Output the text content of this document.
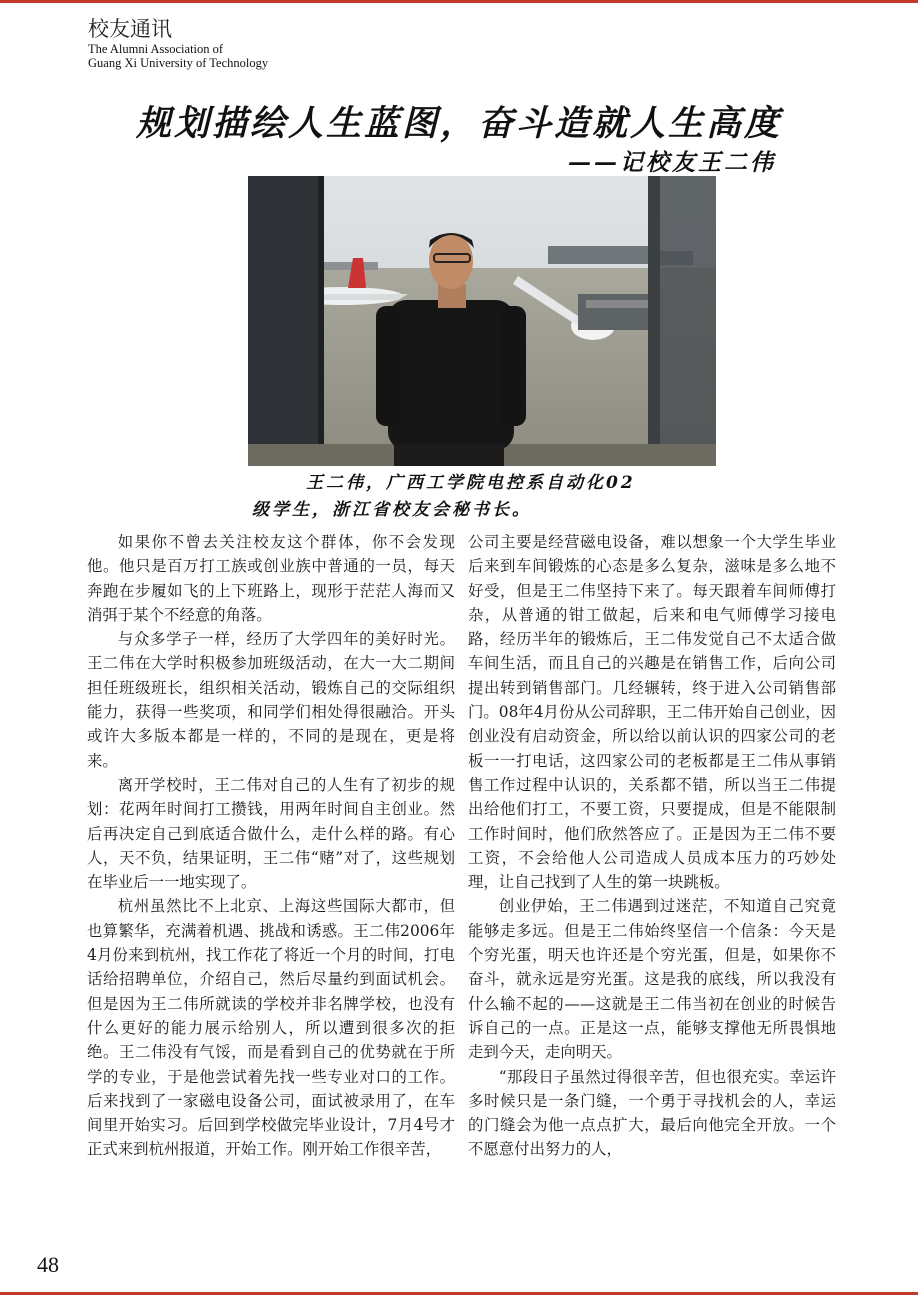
校友通讯
The Alumni Association of
Guang Xi University of Technology
规划描绘人生蓝图，奋斗造就人生高度
——记校友王二伟
王二伟，广西工学院电控系自动化02
级学生，浙江省校友会秘书长。

如果你不曾去关注校友这个群体，你不会发现他。他只是百万打工族或创业族中普通的一员，每天奔跑在步履如飞的上下班路上，现形于茫茫人海而又消弭于某个不经意的角落。

与众多学子一样，经历了大学四年的美好时光。王二伟在大学时积极参加班级活动，在大一大二期间担任班级班长，组织相关活动，锻炼自己的交际组织能力，获得一些奖项，和同学们相处得很融洽。开头或许大多版本都是一样的，不同的是现在，更是将来。

离开学校时，王二伟对自己的人生有了初步的规划：花两年时间打工攒钱，用两年时间自主创业。然后再决定自己到底适合做什么，走什么样的路。有心人，天不负，结果证明，王二伟“赌”对了，这些规划在毕业后一一地实现了。

杭州虽然比不上北京、上海这些国际大都市，但也算繁华，充满着机遇、挑战和诱惑。王二伟2006年4月份来到杭州，找工作花了将近一个月的时间，打电话给招聘单位，介绍自己，然后尽量约到面试机会。但是因为王二伟所就读的学校并非名牌学校，也没有什么更好的能力展示给别人，所以遭到很多次的拒绝。王二伟没有气馁，而是看到自己的优势就在于所学的专业，于是他尝试着先找一些专业对口的工作。后来找到了一家磁电设备公司，面试被录用了，在车间里开始实习。后回到学校做完毕业设计，7月4号才正式来到杭州报道，开始工作。刚开始工作很辛苦，

公司主要是经营磁电设备，难以想象一个大学生毕业后来到车间锻炼的心态是多么复杂，滋味是多么地不好受，但是王二伟坚持下来了。每天跟着车间师傅打杂，从普通的钳工做起，后来和电气师傅学习接电路，经历半年的锻炼后，王二伟发觉自己不太适合做车间生活，而且自己的兴趣是在销售工作，后向公司提出转到销售部门。几经辗转，终于进入公司销售部门。08年4月份从公司辞职，王二伟开始自己创业，因创业没有启动资金，所以给以前认识的四家公司的老板一一打电话，这四家公司的老板都是王二伟从事销售工作过程中认识的，关系都不错，所以当王二伟提出给他们打工，不要工资，只要提成，但是不能限制工作时间时，他们欣然答应了。正是因为王二伟不要工资，不会给他人公司造成人员成本压力的巧妙处理，让自己找到了人生的第一块跳板。

创业伊始，王二伟遇到过迷茫，不知道自己究竟能够走多远。但是王二伟始终坚信一个信条：今天是个穷光蛋，明天也许还是个穷光蛋，但是，如果你不奋斗，就永远是穷光蛋。这是我的底线，所以我没有什么输不起的——这就是王二伟当初在创业的时候告诉自己的一点。正是这一点，能够支撑他无所畏惧地走到今天，走向明天。

“那段日子虽然过得很辛苦，但也很充实。幸运许多时候只是一条门缝，一个勇于寻找机会的人，幸运的门缝会为他一点点扩大，最后向他完全开放。一个不愿意付出努力的人，

48
